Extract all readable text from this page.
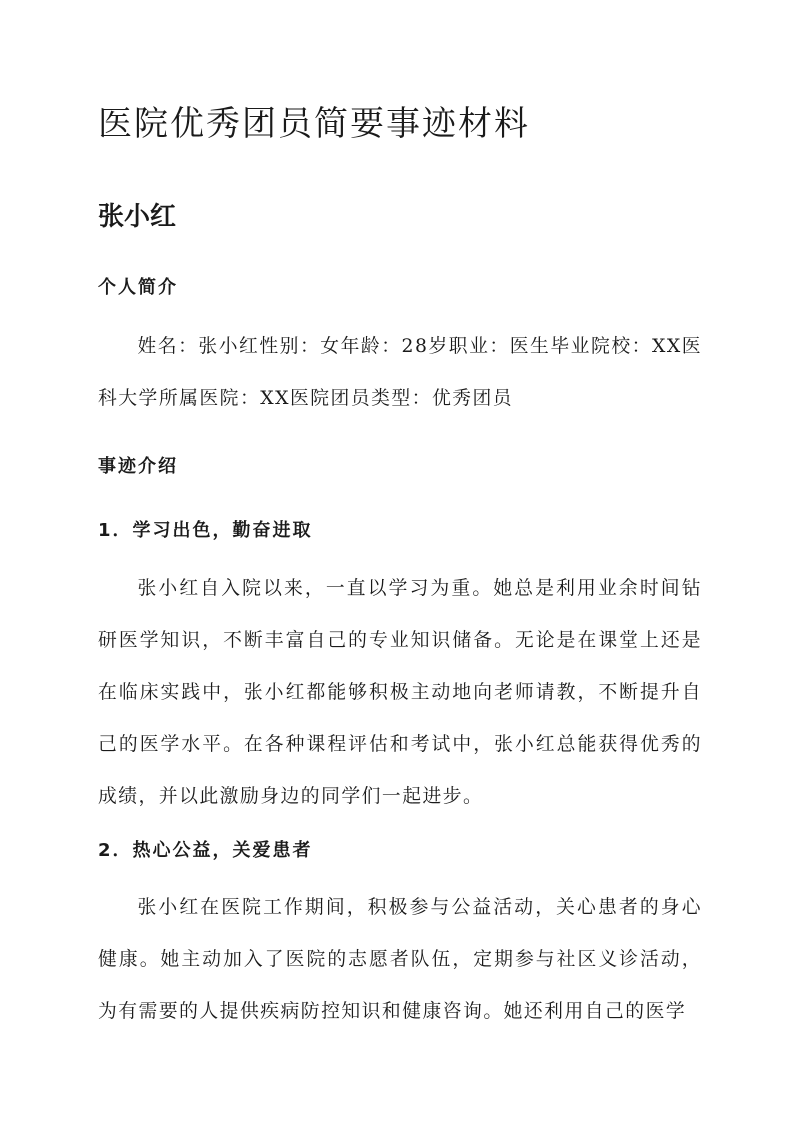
医院优秀团员简要事迹材料
张小红
个人简介

姓名：张小红性别：女年龄：28岁职业：医生毕业院校：XX医科大学所属医院：XX医院团员类型：优秀团员

事迹介绍
1．学习出色，勤奋进取

张小红自入院以来，一直以学习为重。她总是利用业余时间钻研医学知识，不断丰富自己的专业知识储备。无论是在课堂上还是在临床实践中，张小红都能够积极主动地向老师请教，不断提升自己的医学水平。在各种课程评估和考试中，张小红总能获得优秀的成绩，并以此激励身边的同学们一起进步。

2．热心公益，关爱患者

张小红在医院工作期间，积极参与公益活动，关心患者的身心健康。她主动加入了医院的志愿者队伍，定期参与社区义诊活动，为有需要的人提供疾病防控知识和健康咨询。她还利用自己的医学
